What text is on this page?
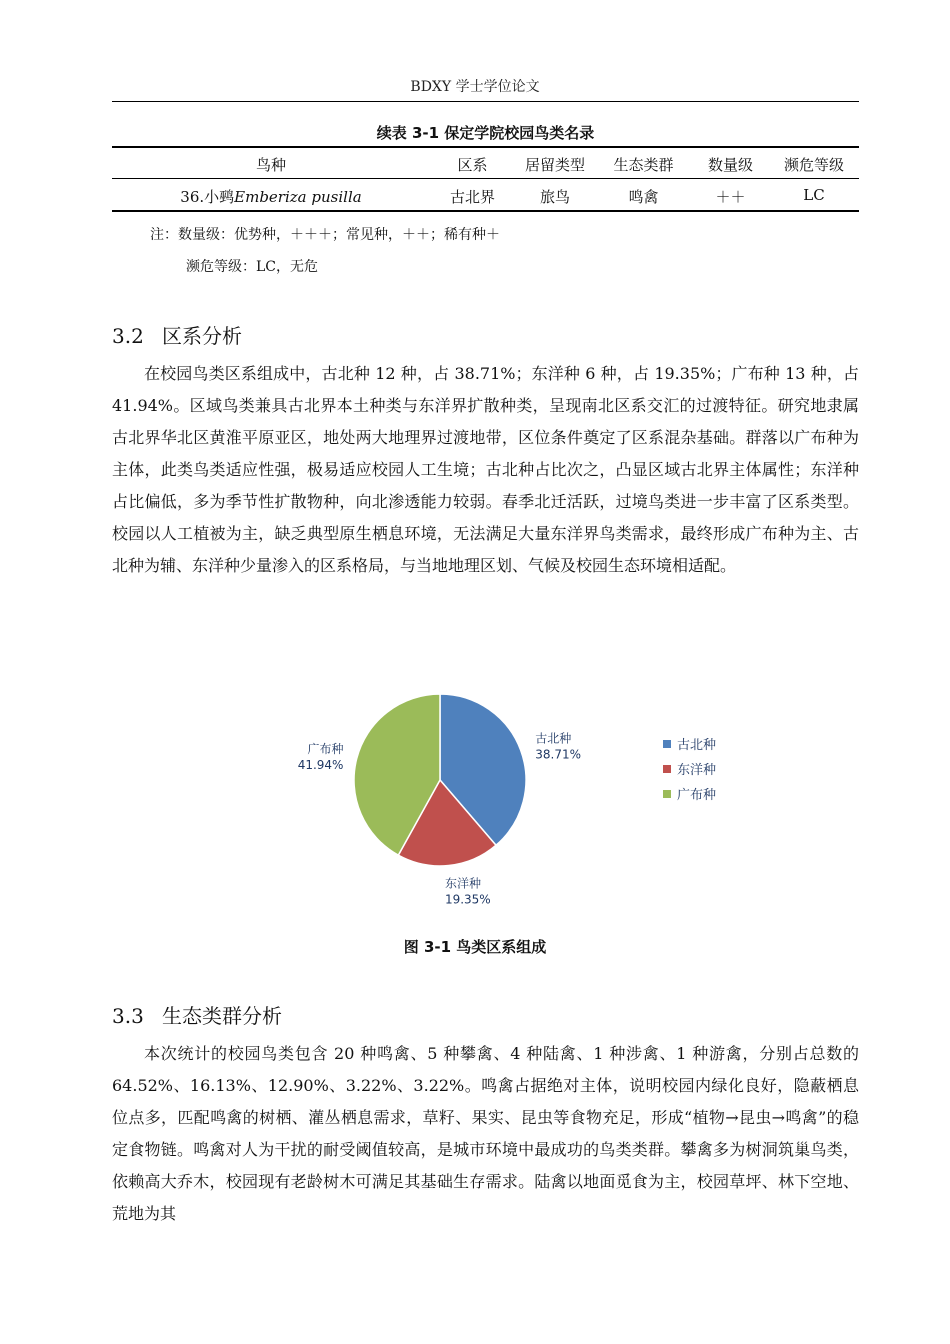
BDXY 学士学位论文
续表 3-1 保定学院校园鸟类名录
鸟种	区系	居留类型	生态类群	数量级	濒危等级
36.小鹀Emberiza pusilla	古北界	旅鸟	鸣禽	＋＋	LC
注：数量级：优势种，＋＋＋；常见种，＋＋；稀有种＋
濒危等级：LC，无危
3.2 区系分析

在校园鸟类区系组成中，古北种 12 种，占 38.71%；东洋种 6 种，占 19.35%；广布种 13 种，占 41.94%。区域鸟类兼具古北界本土种类与东洋界扩散种类，呈现南北区系交汇的过渡特征。研究地隶属古北界华北区黄淮平原亚区，地处两大地理界过渡地带，区位条件奠定了区系混杂基础。群落以广布种为主体，此类鸟类适应性强，极易适应校园人工生境；古北种占比次之，凸显区域古北界主体属性；东洋种占比偏低，多为季节性扩散物种，向北渗透能力较弱。春季北迁活跃，过境鸟类进一步丰富了区系类型。校园以人工植被为主，缺乏典型原生栖息环境，无法满足大量东洋界鸟类需求，最终形成广布种为主、古北种为辅、东洋种少量渗入的区系格局，与当地地理区划、气候及校园生态环境相适配。

古北种
38.71%
东洋种
19.35%
广布种
41.94%
古北种
东洋种
广布种
图 3-1 鸟类区系组成
3.3 生态类群分析

本次统计的校园鸟类包含 20 种鸣禽、5 种攀禽、4 种陆禽、1 种涉禽、1 种游禽，分别占总数的 64.52%、16.13%、12.90%、3.22%、3.22%。鸣禽占据绝对主体，说明校园内绿化良好，隐蔽栖息位点多，匹配鸣禽的树栖、灌丛栖息需求，草籽、果实、昆虫等食物充足，形成“植物→昆虫→鸣禽”的稳定食物链。鸣禽对人为干扰的耐受阈值较高，是城市环境中最成功的鸟类类群。攀禽多为树洞筑巢鸟类，依赖高大乔木，校园现有老龄树木可满足其基础生存需求。陆禽以地面觅食为主，校园草坪、林下空地、荒地为其
